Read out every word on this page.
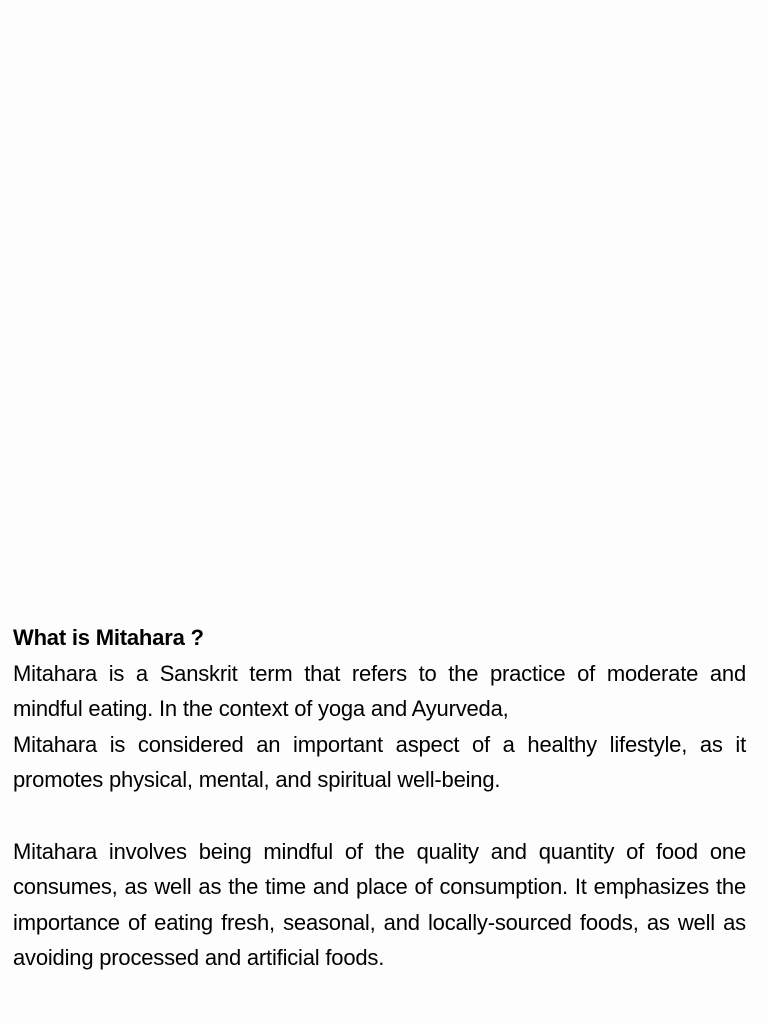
What is Mitahara ?

Mitahara is a Sanskrit term that refers to the practice of moderate and mindful eating. In the context of yoga and Ayurveda,

Mitahara is considered an important aspect of a healthy lifestyle, as it promotes physical, mental, and spiritual well-being.

Mitahara involves being mindful of the quality and quantity of food one consumes, as well as the time and place of consumption. It emphasizes the importance of eating fresh, seasonal, and locally-sourced foods, as well as avoiding processed and artificial foods.
